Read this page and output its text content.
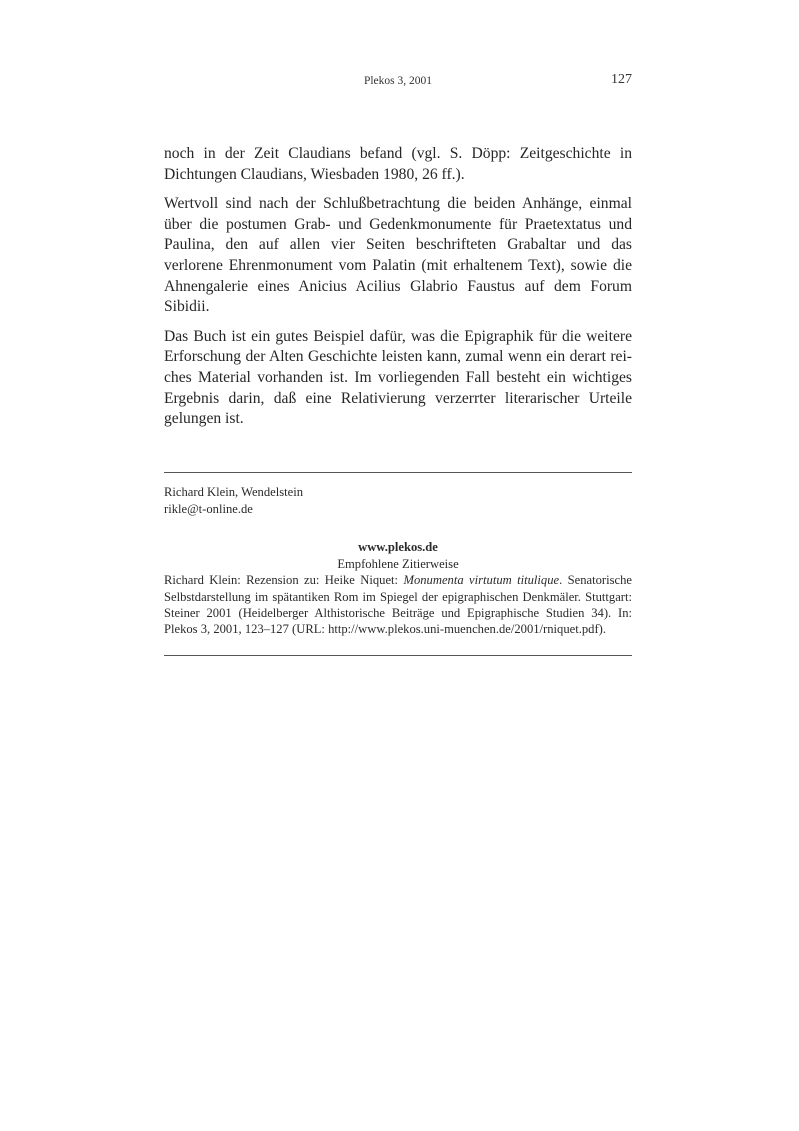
Plekos 3, 2001	127

noch in der Zeit Claudians befand (vgl. S. Döpp: Zeitgeschichte in Dichtungen Claudians, Wiesbaden 1980, 26 ff.).

Wertvoll sind nach der Schlußbetrachtung die beiden Anhänge, einmal über die postumen Grab- und Gedenkmonumente für Praetextatus und Paulina, den auf allen vier Seiten beschrifteten Grabaltar und das verlorene Ehrenmonument vom Palatin (mit erhaltenem Text), sowie die Ahnengalerie eines Anicius Acilius Glabrio Faustus auf dem Forum Sibidii.

Das Buch ist ein gutes Beispiel dafür, was die Epigraphik für die weitere Erforschung der Alten Geschichte leisten kann, zumal wenn ein derart reiches Material vorhanden ist. Im vorliegenden Fall besteht ein wichtiges Ergebnis darin, daß eine Relativierung verzerrter literarischer Urteile gelungen ist.

Richard Klein, Wendelstein
rikle@t-online.de
www.plekos.de
Empfohlene Zitierweise
Richard Klein: Rezension zu: Heike Niquet: Monumenta virtutum titulique. Senatorische Selbstdarstellung im spätantiken Rom im Spiegel der epigraphischen Denkmäler. Stuttgart: Steiner 2001 (Heidelberger Althistorische Beiträge und Epigraphische Studien 34). In: Plekos 3, 2001, 123–127 (URL: http://www.plekos.uni-muenchen.de/2001/rniquet.pdf).
